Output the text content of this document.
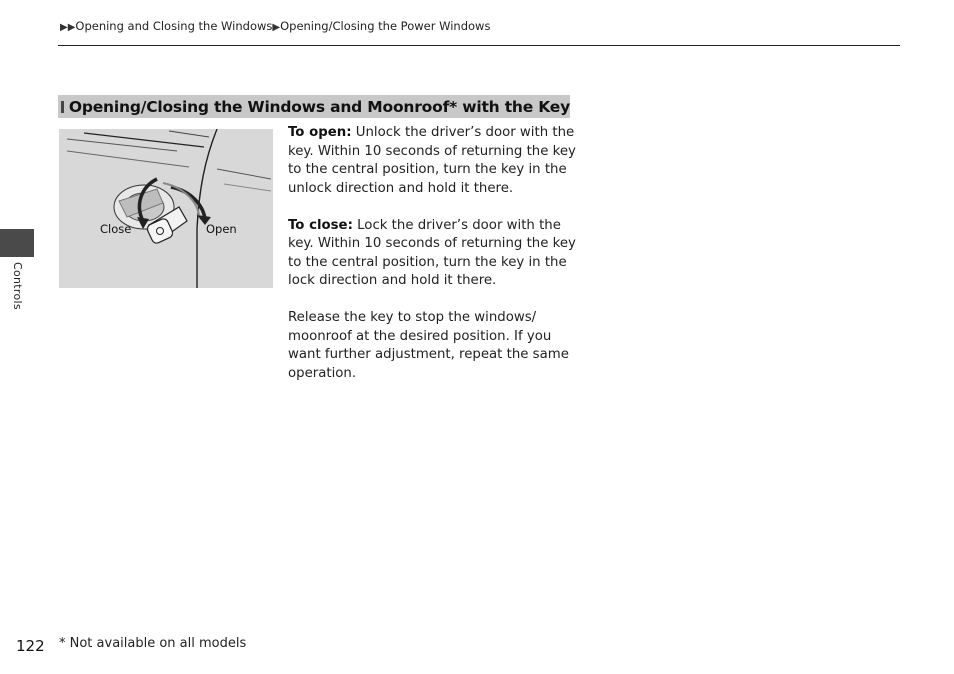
▶▶Opening and Closing the Windows▶Opening/Closing the Power Windows
Controls
Opening/Closing the Windows and Moonroof* with the Key
Close	Open

To open: Unlock the driver’s door with the key. Within 10 seconds of returning the key to the central position, turn the key in the unlock direction and hold it there.

To close: Lock the driver’s door with the key. Within 10 seconds of returning the key to the central position, turn the key in the lock direction and hold it there.

Release the key to stop the windows/ moonroof at the desired position. If you want further adjustment, repeat the same operation.

122 * Not available on all models
